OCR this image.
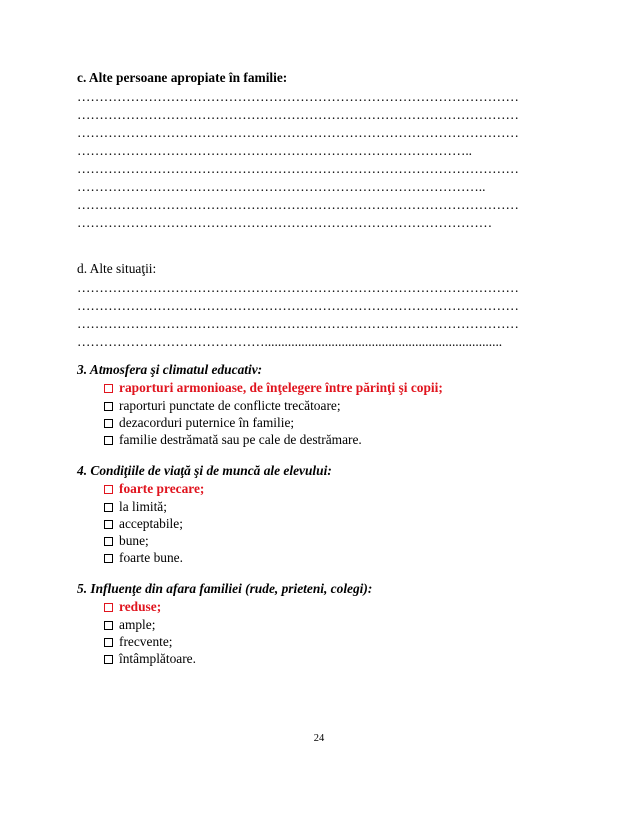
c. Alte persoane apropiate în familie:
………………………………………………………………………………………
………………………………………………………………………………………
………………………………………………………………………………………
……………………………………………………………………………..
………………………………………………………………………………………
………………………………………………………………………………..
………………………………………………………………………………………
…………………………………………………………………………………
d. Alte situaţii:
………………………………………………………………………………………
………………………………………………………………………………………
………………………………………………………………………………………
…………………………………….......................................................................
3. Atmosfera şi climatul educativ:
raporturi armonioase, de înţelegere între părinţi şi copii;
raporturi punctate de conflicte trecătoare;
dezacorduri puternice în familie;
familie destrămată sau pe cale de destrămare.
4. Condiţiile de viaţă şi de muncă ale elevului:
foarte precare;
la limită;
acceptabile;
bune;
foarte bune.
5. Influenţe din afara familiei (rude, prieteni, colegi):
reduse;
ample;
frecvente;
întâmplătoare.
24
